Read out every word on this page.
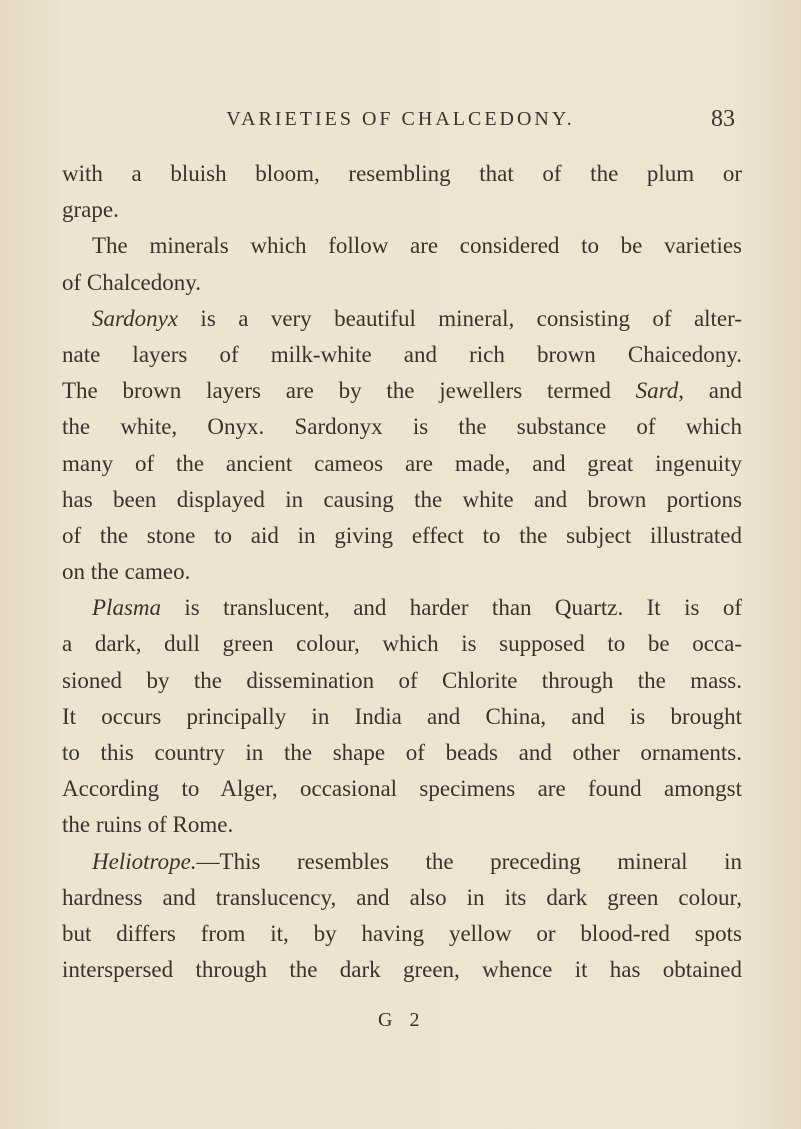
VARIETIES OF CHALCEDONY.	83
with a bluish bloom, resembling that of the plum or
grape.
The minerals which follow are considered to be varieties
of Chalcedony.
Sardonyx is a very beautiful mineral, consisting of alter-
nate layers of milk-white and rich brown Chaicedony.
The brown layers are by the jewellers termed Sard, and
the white, Onyx. Sardonyx is the substance of which
many of the ancient cameos are made, and great ingenuity
has been displayed in causing the white and brown portions
of the stone to aid in giving effect to the subject illustrated
on the cameo.
Plasma is translucent, and harder than Quartz. It is of
a dark, dull green colour, which is supposed to be occa-
sioned by the dissemination of Chlorite through the mass.
It occurs principally in India and China, and is brought
to this country in the shape of beads and other ornaments.
According to Alger, occasional specimens are found amongst
the ruins of Rome.
Heliotrope.—This resembles the preceding mineral in
hardness and translucency, and also in its dark green colour,
but differs from it, by having yellow or blood-red spots
interspersed through the dark green, whence it has obtained
G 2
